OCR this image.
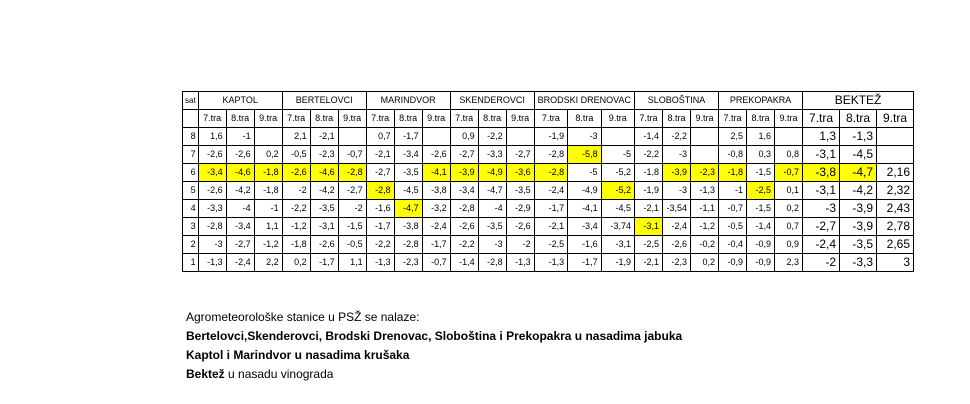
sat	KAPTOL			BERTELOVCI			MARINDVOR			SKENDEROVCI			BRODSKI DRENOVAC			SLOBOŠTINA			PREKOPAKRA			BEKTEŽ		
	7.tra	8.tra	9.tra	7.tra	8.tra	9.tra	7.tra	8.tra	9.tra	7.tra	8.tra	9.tra	7.tra	8.tra	9.tra	7.tra	8.tra	9.tra	7.tra	8.tra	9.tra	7.tra	8.tra	9.tra
8	1,6	-1		2,1	-2,1		0,7	-1,7		0,9	-2,2		-1,9	-3		-1,4	-2,2		2,5	1,6		1,3	-1,3	
7	-2,6	-2,6	0,2	-0,5	-2,3	-0,7	-2,1	-3,4	-2,6	-2,7	-3,3	-2,7	-2,8	-5,8	-5	-2,2	-3		-0,8	0,3	0,8	-3,1	-4,5	
6	-3,4	-4,6	-1,8	-2,6	-4,6	-2,8	-2,7	-3,5	-4,1	-3,9	-4,9	-3,6	-2,8	-5	-5,2	-1,8	-3,9	-2,3	-1,8	-1,5	-0,7	-3,8	-4,7	2,16
5	-2,6	-4,2	-1,8	-2	-4,2	-2,7	-2,8	-4,5	-3,8	-3,4	-4,7	-3,5	-2,4	-4,9	-5,2	-1,9	-3	-1,3	-1	-2,5	0,1	-3,1	-4,2	2,32
4	-3,3	-4	-1	-2,2	-3,5	-2	-1,6	-4,7	-3,2	-2,8	-4	-2,9	-1,7	-4,1	-4,5	-2,1	-3,54	-1,1	-0,7	-1,5	0,2	-3	-3,9	2,43
3	-2,8	-3,4	1,1	-1,2	-3,1	-1,5	-1,7	-3,8	-2,4	-2,6	-3,5	-2,6	-2,1	-3,4	-3,74	-3,1	-2,4	-1,2	-0,5	-1,4	0,7	-2,7	-3,9	2,78
2	-3	-2,7	-1,2	-1,8	-2,6	-0,5	-2,2	-2,8	-1,7	-2,2	-3	-2	-2,5	-1,6	-3,1	-2,5	-2,6	-0,2	-0,4	-0,9	0,9	-2,4	-3,5	2,65
1	-1,3	-2,4	2,2	0,2	-1,7	1,1	-1,3	-2,3	-0,7	-1,4	-2,8	-1,3	-1,3	-1,7	-1,9	-2,1	-2,3	0,2	-0,9	-0,9	2,3	-2	-3,3	3
Agrometeorološke stanice u PSŽ se nalaze:
Bertelovci,Skenderovci, Brodski Drenovac, Sloboština i Prekopakra u nasadima jabuka
Kaptol i Marindvor u nasadima krušaka
Bektež u nasadu vinograda
